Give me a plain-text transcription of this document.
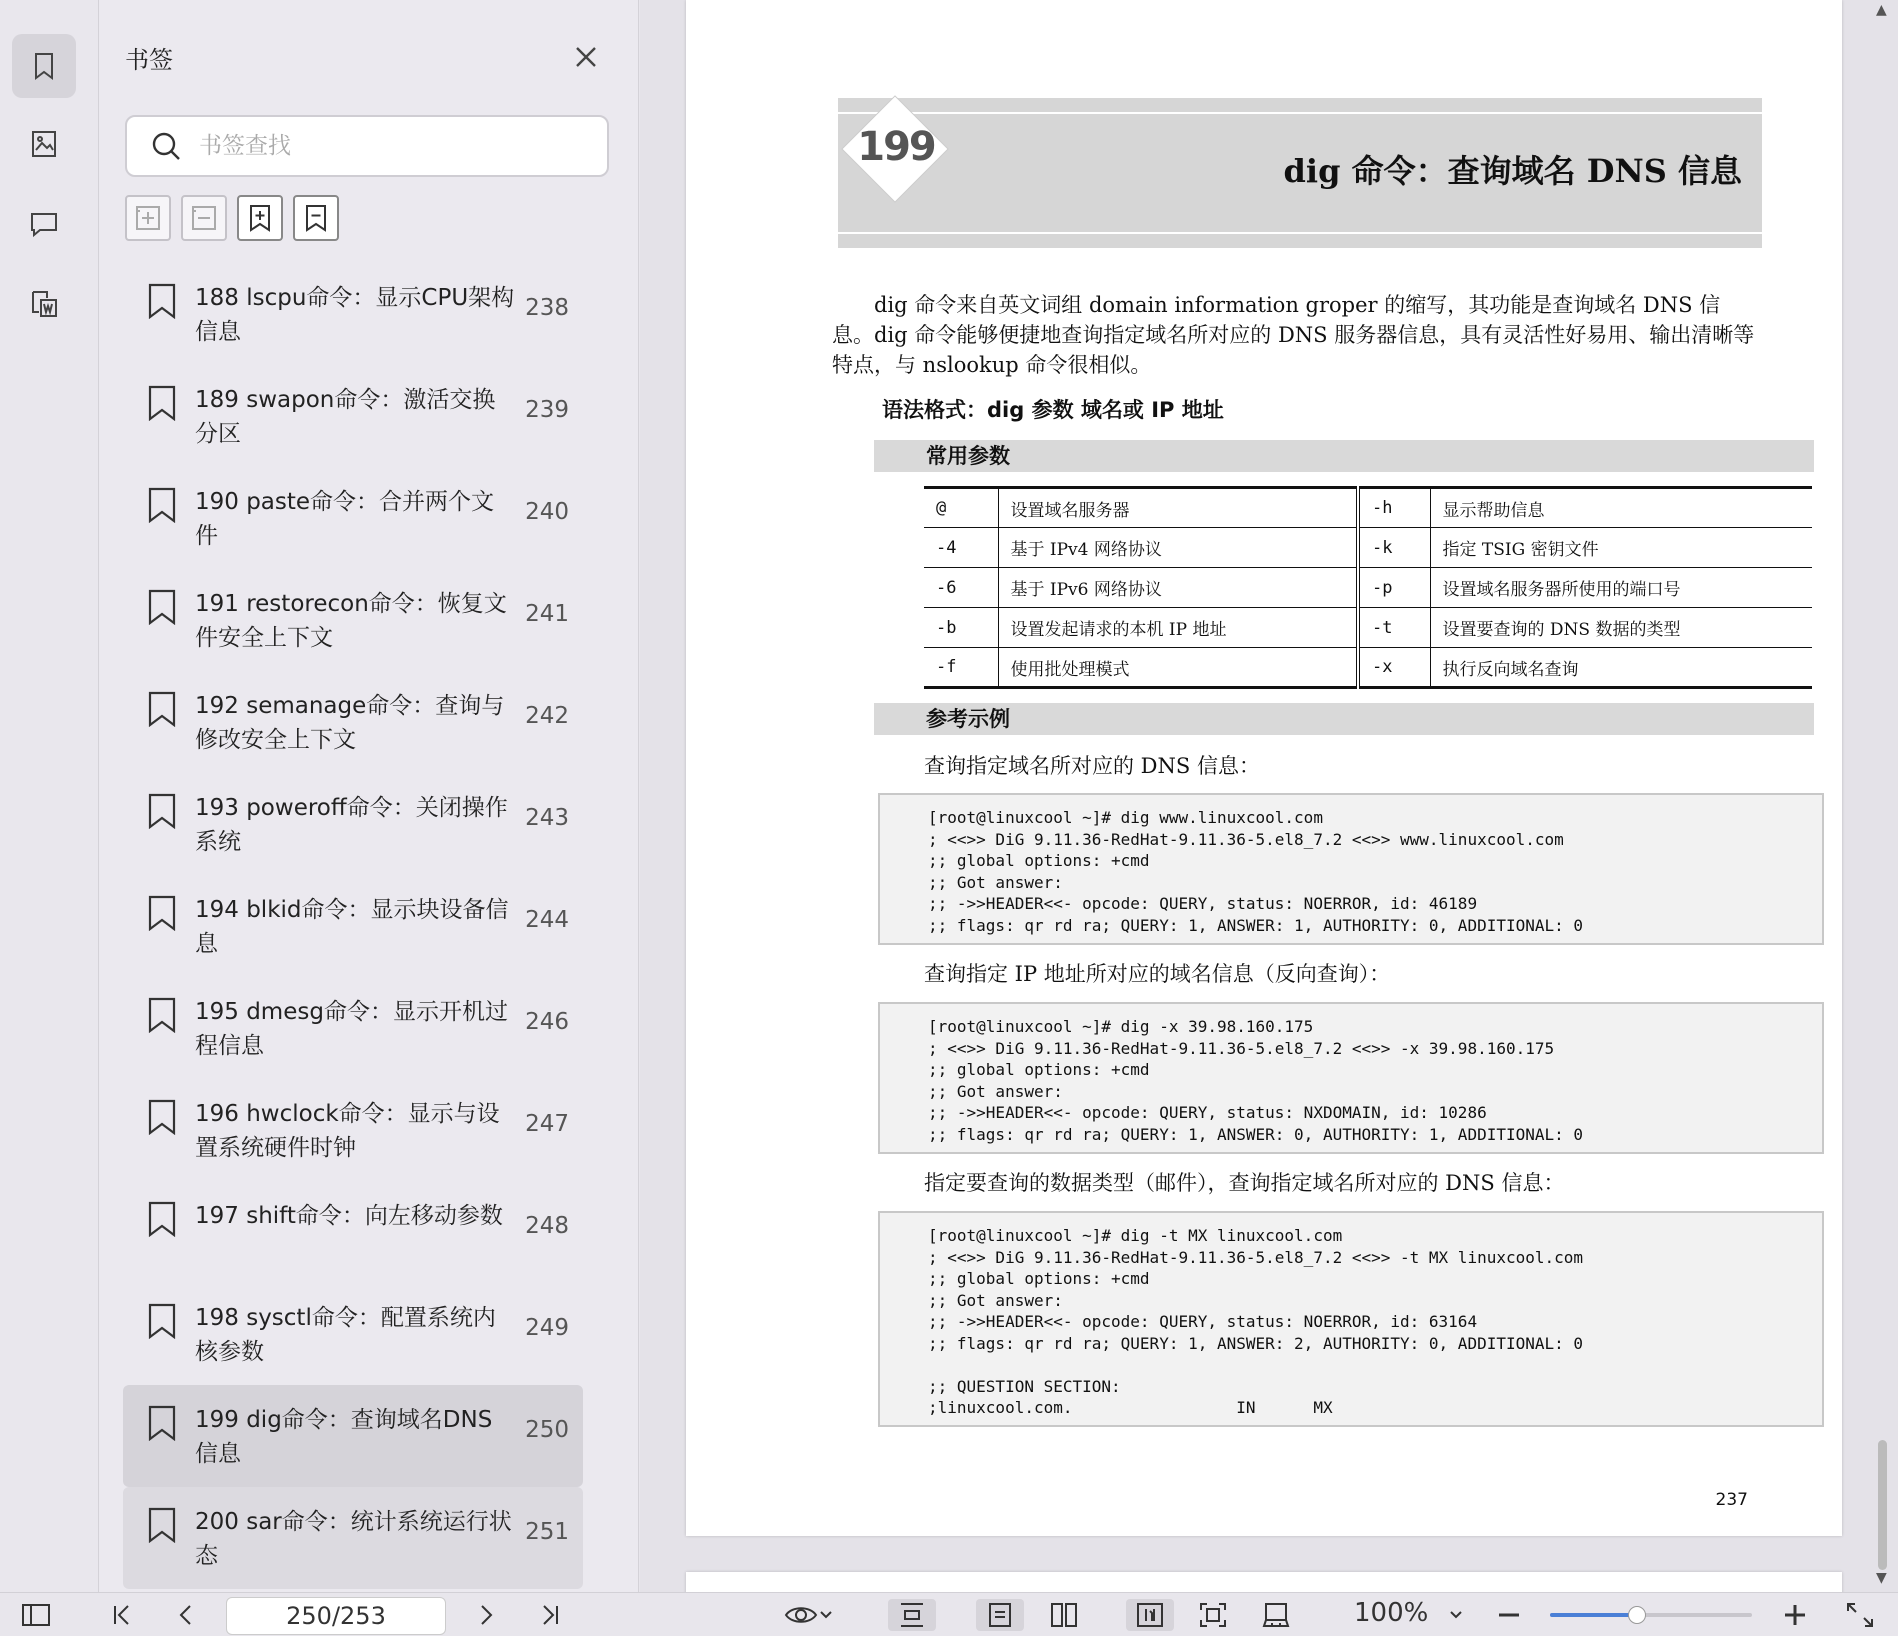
书签
书签查找
188 lscpu命令：显示CPU架构信息
238
189 swapon命令：激活交换分区
239
190 paste命令：合并两个文件
240
191 restorecon命令：恢复文件安全上下文
241
192 semanage命令：查询与修改安全上下文
242
193 poweroff命令：关闭操作系统
243
194 blkid命令：显示块设备信息
244
195 dmesg命令：显示开机过程信息
246
196 hwclock命令：显示与设置系统硬件时钟
247
197 shift命令：向左移动参数 248
198 sysctl命令：配置系统内核参数
249
199 dig命令：查询域名DNS信息
250
200 sar命令：统计系统运行状态
251
199
dig 命令：查询域名 DNS 信息
dig 命令来自英文词组 domain information groper 的缩写，其功能是查询域名 DNS 信息。dig 命令能够便捷地查询指定域名所对应的 DNS 服务器信息，具有灵活性好易用、输出清晰等特点，与 nslookup 命令很相似。
语法格式：dig 参数 域名或 IP 地址
常用参数
@	设置域名服务器	-h	显示帮助信息
-4	基于 IPv4 网络协议	-k	指定 TSIG 密钥文件
-6	基于 IPv6 网络协议	-p	设置域名服务器所使用的端口号
-b	设置发起请求的本机 IP 地址	-t	设置要查询的 DNS 数据的类型
-f	使用批处理模式	-x	执行反向域名查询
参考示例
查询指定域名所对应的 DNS 信息：
[root@linuxcool ~]# dig www.linuxcool.com
; <<>> DiG 9.11.36-RedHat-9.11.36-5.el8_7.2 <<>> www.linuxcool.com
;; global options: +cmd
;; Got answer:
;; ->>HEADER<<- opcode: QUERY, status: NOERROR, id: 46189
;; flags: qr rd ra; QUERY: 1, ANSWER: 1, AUTHORITY: 0, ADDITIONAL: 0
查询指定 IP 地址所对应的域名信息（反向查询）：
[root@linuxcool ~]# dig -x 39.98.160.175
; <<>> DiG 9.11.36-RedHat-9.11.36-5.el8_7.2 <<>> -x 39.98.160.175
;; global options: +cmd
;; Got answer:
;; ->>HEADER<<- opcode: QUERY, status: NXDOMAIN, id: 10286
;; flags: qr rd ra; QUERY: 1, ANSWER: 0, AUTHORITY: 1, ADDITIONAL: 0
指定要查询的数据类型（邮件），查询指定域名所对应的 DNS 信息：
[root@linuxcool ~]# dig -t MX linuxcool.com
; <<>> DiG 9.11.36-RedHat-9.11.36-5.el8_7.2 <<>> -t MX linuxcool.com
;; global options: +cmd
;; Got answer:
;; ->>HEADER<<- opcode: QUERY, status: NOERROR, id: 63164
;; flags: qr rd ra; QUERY: 1, ANSWER: 2, AUTHORITY: 0, ADDITIONAL: 0

;; QUESTION SECTION:
;linuxcool.com.                 IN      MX
237
▲
▼
250/253	100%
